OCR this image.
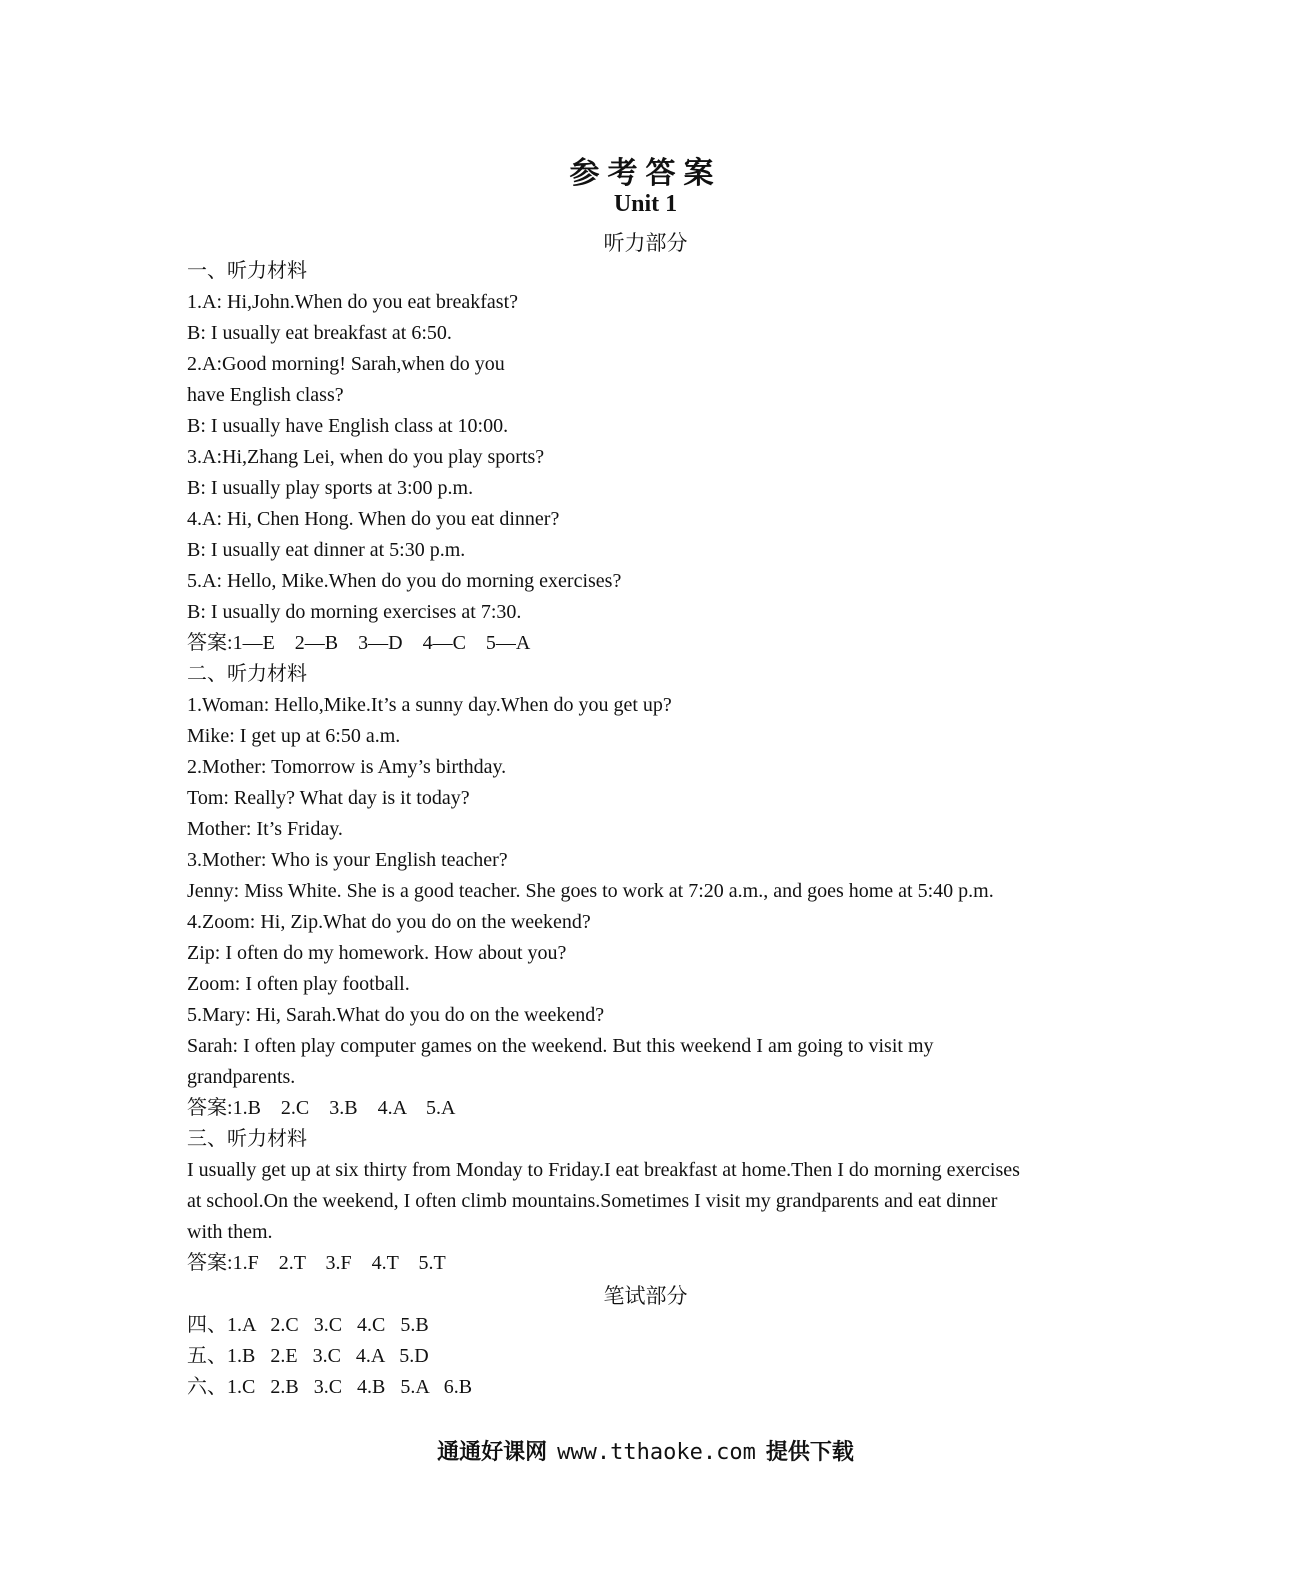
参考答案
Unit 1
听力部分
一、听力材料
1.A: Hi,John.When do you eat breakfast?
B: I usually eat breakfast at 6:50.
2.A:Good morning! Sarah,when do you
have English class?
B: I usually have English class at 10:00.
3.A:Hi,Zhang Lei, when do you play sports?
B: I usually play sports at 3:00 p.m.
4.A: Hi, Chen Hong. When do you eat dinner?
B: I usually eat dinner at 5:30 p.m.
5.A: Hello, Mike.When do you do morning exercises?
B: I usually do morning exercises at 7:30.
答案:1—E 2—B 3—D 4—C 5—A
二、听力材料
1.Woman: Hello,Mike.It’s a sunny day.When do you get up?
Mike: I get up at 6:50 a.m.
2.Mother: Tomorrow is Amy’s birthday.
Tom: Really? What day is it today?
Mother: It’s Friday.
3.Mother: Who is your English teacher?
Jenny: Miss White. She is a good teacher. She goes to work at 7:20 a.m., and goes home at 5:40 p.m.
4.Zoom: Hi, Zip.What do you do on the weekend?
Zip: I often do my homework. How about you?
Zoom: I often play football.
5.Mary: Hi, Sarah.What do you do on the weekend?
Sarah: I often play computer games on the weekend. But this weekend I am going to visit my
grandparents.
答案:1.B 2.C 3.B 4.A 5.A
三、听力材料
I usually get up at six thirty from Monday to Friday.I eat breakfast at home.Then I do morning exercises
at school.On the weekend, I often climb mountains.Sometimes I visit my grandparents and eat dinner
with them.
答案:1.F 2.T 3.F 4.T 5.T
笔试部分
四、1.A 2.C 3.C 4.C 5.B
五、1.B 2.E 3.C 4.A 5.D
六、1.C 2.B 3.C 4.B 5.A 6.B
通通好课网 www.tthaoke.com 提供下载
